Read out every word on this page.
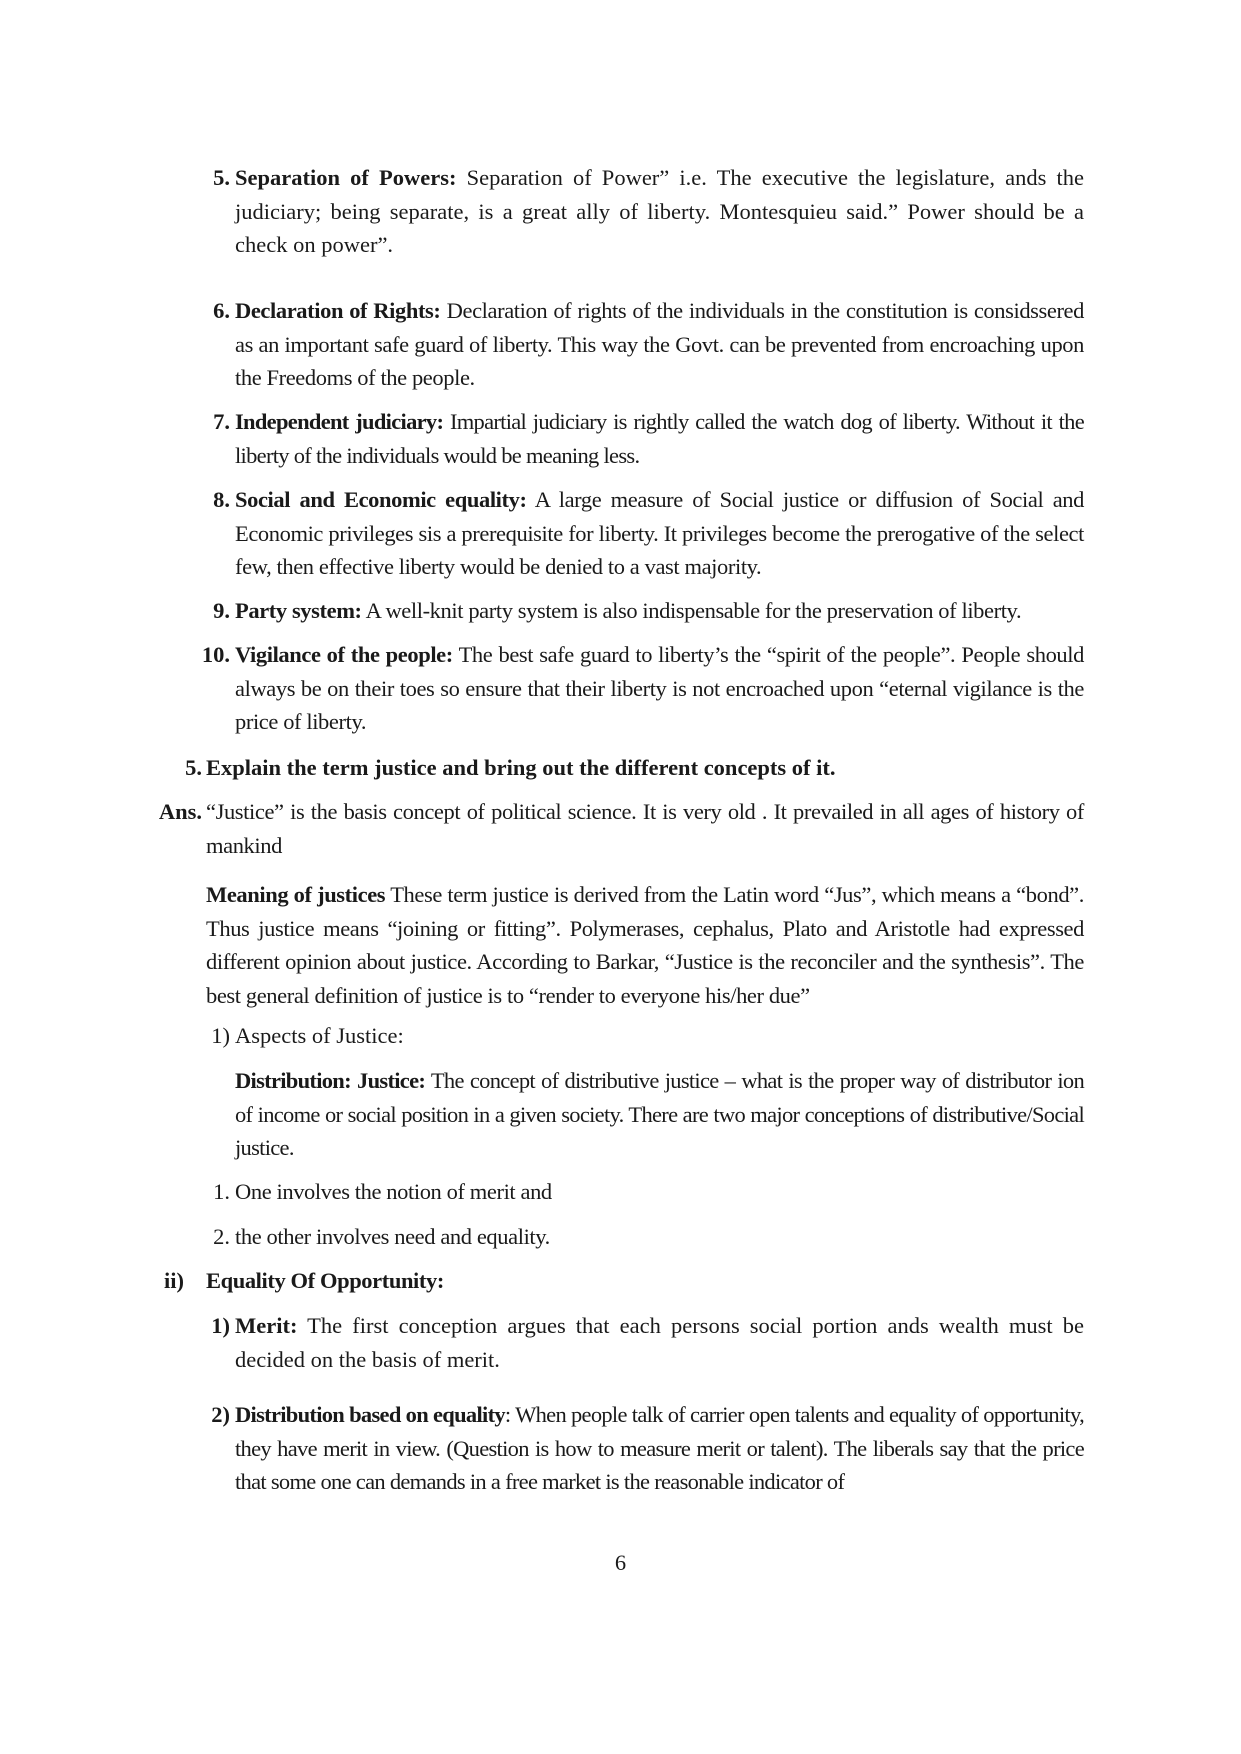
5. Separation of Powers: Separation of Power” i.e. The executive the legislature, ands the judiciary; being separate, is a great ally of liberty. Montesquieu said.” Power should be a check on power”.
6. Declaration of Rights: Declaration of rights of the individuals in the constitution is considssered as an important safe guard of liberty. This way the Govt. can be prevented from encroaching upon the Freedoms of the people.
7. Independent judiciary: Impartial judiciary is rightly called the watch dog of liberty. Without it the liberty of the individuals would be meaning less.
8. Social and Economic equality: A large measure of Social justice or diffusion of Social and Economic privileges sis a prerequisite for liberty. It privileges become the prerogative of the select few, then effective liberty would be denied to a vast majority.
9. Party system: A well-knit party system is also indispensable for the preservation of liberty.
10. Vigilance of the people: The best safe guard to liberty’s the “spirit of the people”. People should always be on their toes so ensure that their liberty is not encroached upon “eternal vigilance is the price of liberty.
5. Explain the term justice and bring out the different concepts of it.
Ans. “Justice” is the basis concept of political science. It is very old . It prevailed in all ages of history of mankind
Meaning of justices These term justice is derived from the Latin word “Jus”, which means a “bond”. Thus justice means “joining or fitting”. Polymerases, cephalus, Plato and Aristotle had expressed different opinion about justice. According to Barkar, “Justice is the reconciler and the synthesis”. The best general definition of justice is to “render to everyone his/her due”
1) Aspects of Justice:
Distribution: Justice: The concept of distributive justice – what is the proper way of distributor ion of income or social position in a given society. There are two major conceptions of distributive/Social justice.
1. One involves the notion of merit and
2. the other involves need and equality.
ii) Equality Of Opportunity:
1) Merit: The first conception argues that each persons social portion ands wealth must be decided on the basis of merit.
2) Distribution based on equality: When people talk of carrier open talents and equality of opportunity, they have merit in view. (Question is how to measure merit or talent). The liberals say that the price that some one can demands in a free market is the reasonable indicator of
6
